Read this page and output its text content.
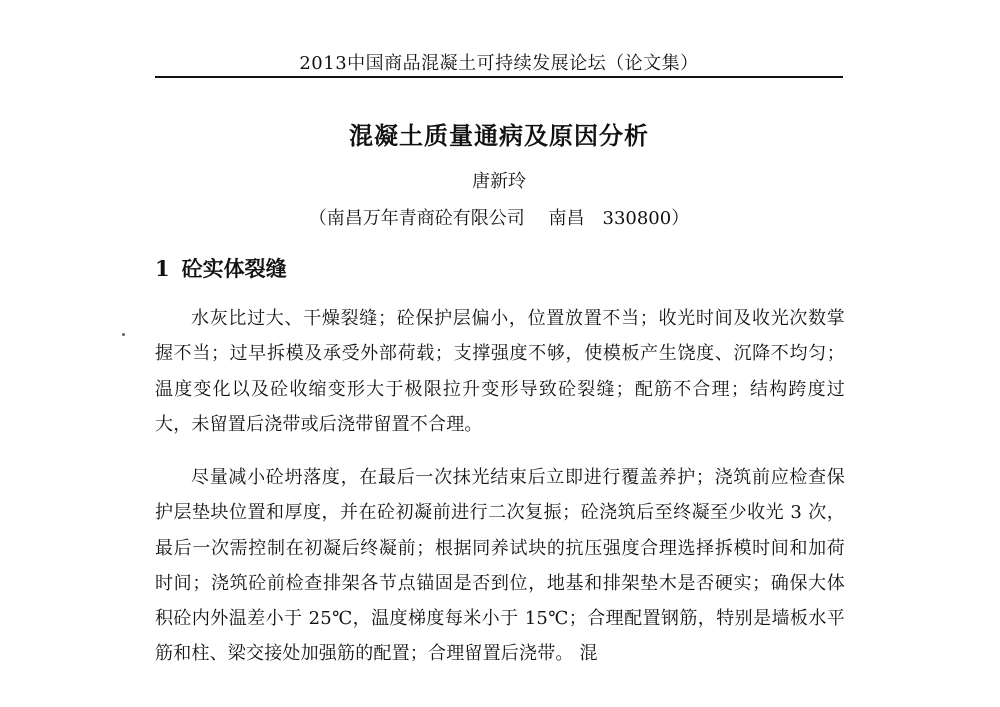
2013中国商品混凝土可持续发展论坛（论文集）
混凝土质量通病及原因分析
唐新玲
（南昌万年青商砼有限公司　 南昌　330800）
1 砼实体裂缝

水灰比过大、干燥裂缝；砼保护层偏小，位置放置不当；收光时间及收光次数掌握不当；过早拆模及承受外部荷载；支撑强度不够，使模板产生饶度、沉降不均匀；温度变化以及砼收缩变形大于极限拉升变形导致砼裂缝；配筋不合理；结构跨度过大，未留置后浇带或后浇带留置不合理。

尽量减小砼坍落度，在最后一次抹光结束后立即进行覆盖养护；浇筑前应检查保护层垫块位置和厚度，并在砼初凝前进行二次复振；砼浇筑后至终凝至少收光 3 次，最后一次需控制在初凝后终凝前；根据同养试块的抗压强度合理选择拆模时间和加荷时间；浇筑砼前检查排架各节点锚固是否到位，地基和排架垫木是否硬实；确保大体积砼内外温差小于 25℃，温度梯度每米小于 15℃；合理配置钢筋，特别是墙板水平筋和柱、梁交接处加强筋的配置；合理留置后浇带。 混
